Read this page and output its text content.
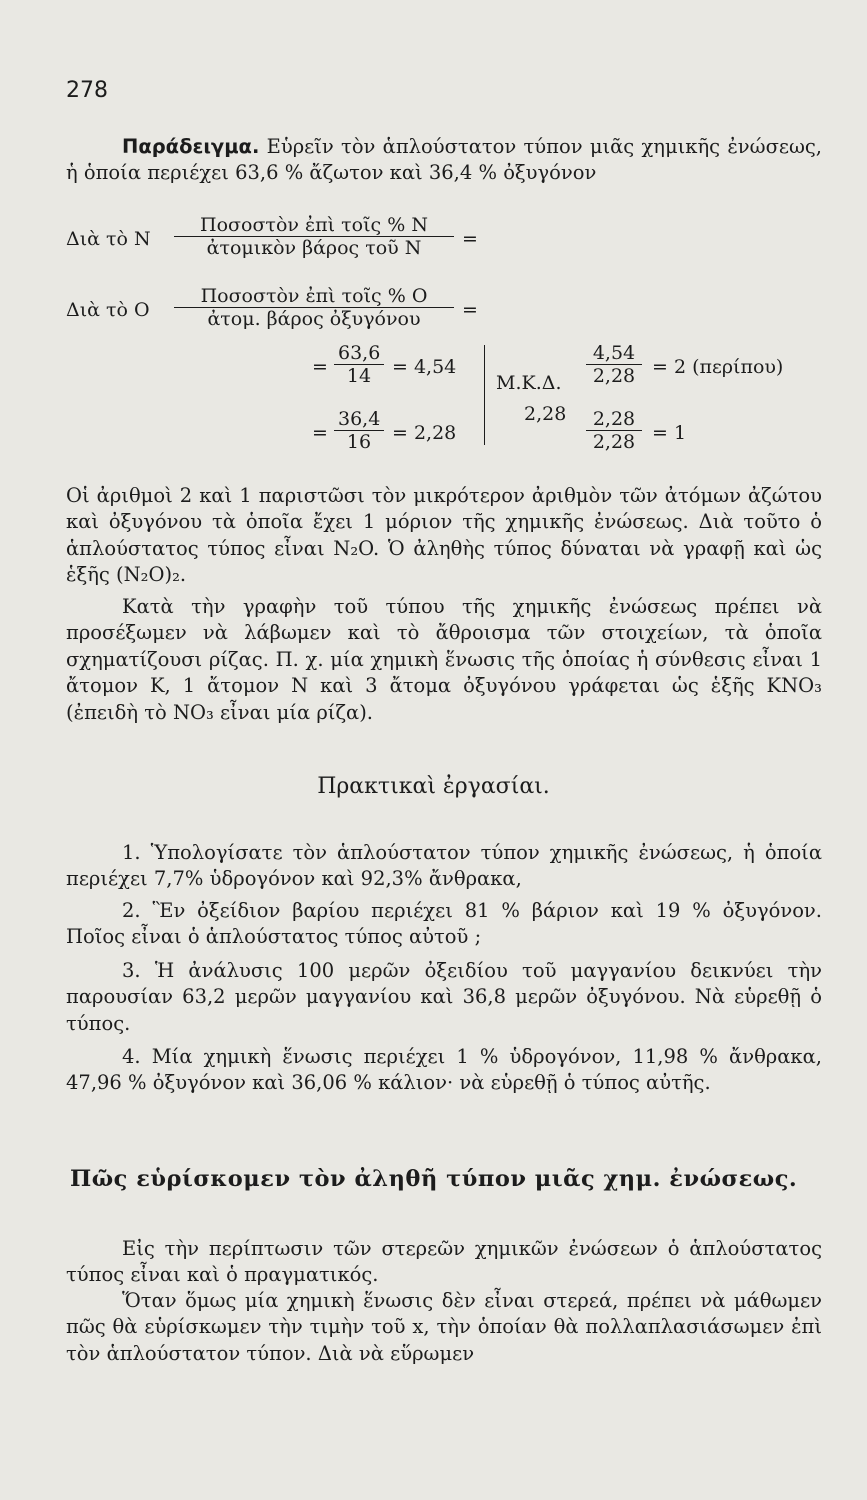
278
Παράδειγμα. Εὑρεῖν τὸν ἁπλούστατον τύπον μιᾶς χημικῆς ἐνώσεως, ἡ ὁποία περιέχει 63,6 % ἄζωτον καὶ 36,4 % ὀξυγόνον
Διὰ τὸ N
Ποσοστὸν ἐπὶ τοῖς % N
ἀτομικὸν βάρος τοῦ N	=
Διὰ τὸ O
Ποσοστὸν ἐπὶ τοῖς % O
ἀτομ. βάρος ὀξυγόνου	=
= $\frac{63,6}{14} = 4,54$
= $\frac{36,4}{16} = 2,28$
Μ.Κ.Δ.
2,28
$\frac{4,54}{2,28} = 2$ (περίπου)
$\frac{2,28}{2,28} = 1$
Οἱ ἀριθμοὶ 2 καὶ 1 παριστῶσι τὸν μικρότερον ἀριθμὸν τῶν ἀτόμων ἀζώτου καὶ ὀξυγόνου τὰ ὁποῖα ἔχει 1 μόριον τῆς χημικῆς ἐνώσεως. Διὰ τοῦτο ὁ ἁπλούστατος τύπος εἶναι N₂O. Ὁ ἀληθὴς τύπος δύναται νὰ γραφῇ καὶ ὡς ἑξῆς (N₂O)₂.
Κατὰ τὴν γραφὴν τοῦ τύπου τῆς χημικῆς ἐνώσεως πρέπει νὰ προσέξωμεν νὰ λάβωμεν καὶ τὸ ἄθροισμα τῶν στοιχείων, τὰ ὁποῖα σχηματίζουσι ρίζας. Π. χ. μία χημικὴ ἕνωσις τῆς ὁποίας ἡ σύνθεσις εἶναι 1 ἄτομον K, 1 ἄτομον N καὶ 3 ἄτομα ὀξυγόνου γράφεται ὡς ἑξῆς KNO₃ (ἐπειδὴ τὸ NO₃ εἶναι μία ρίζα).
Πρακτικαὶ ἐργασίαι.
1. Ὑπολογίσατε τὸν ἁπλούστατον τύπον χημικῆς ἐνώσεως, ἡ ὁποία περιέχει 7,7% ὑδρογόνον καὶ 92,3% ἄνθρακα,
2. Ἓν ὀξείδιον βαρίου περιέχει 81 % βάριον καὶ 19 % ὀξυγόνον. Ποῖος εἶναι ὁ ἁπλούστατος τύπος αὐτοῦ ;
3. Ἡ ἀνάλυσις 100 μερῶν ὀξειδίου τοῦ μαγγανίου δεικνύει τὴν παρουσίαν 63,2 μερῶν μαγγανίου καὶ 36,8 μερῶν ὀξυγόνου. Νὰ εὑρεθῇ ὁ τύπος.
4. Μία χημικὴ ἕνωσις περιέχει 1 % ὑδρογόνον, 11,98 % ἄνθρακα, 47,96 % ὀξυγόνον καὶ 36,06 % κάλιον· νὰ εὑρεθῇ ὁ τύπος αὐτῆς.
Πῶς εὑρίσκομεν τὸν ἀληθῆ τύπον μιᾶς χημ. ἐνώσεως.
Εἰς τὴν περίπτωσιν τῶν στερεῶν χημικῶν ἐνώσεων ὁ ἁπλούστατος τύπος εἶναι καὶ ὁ πραγματικός.
Ὅταν ὅμως μία χημικὴ ἕνωσις δὲν εἶναι στερεά, πρέπει νὰ μάθωμεν πῶς θὰ εὑρίσκωμεν τὴν τιμὴν τοῦ x, τὴν ὁποίαν θὰ πολλαπλασιάσωμεν ἐπὶ τὸν ἁπλούστατον τύπον. Διὰ νὰ εὕρωμεν
